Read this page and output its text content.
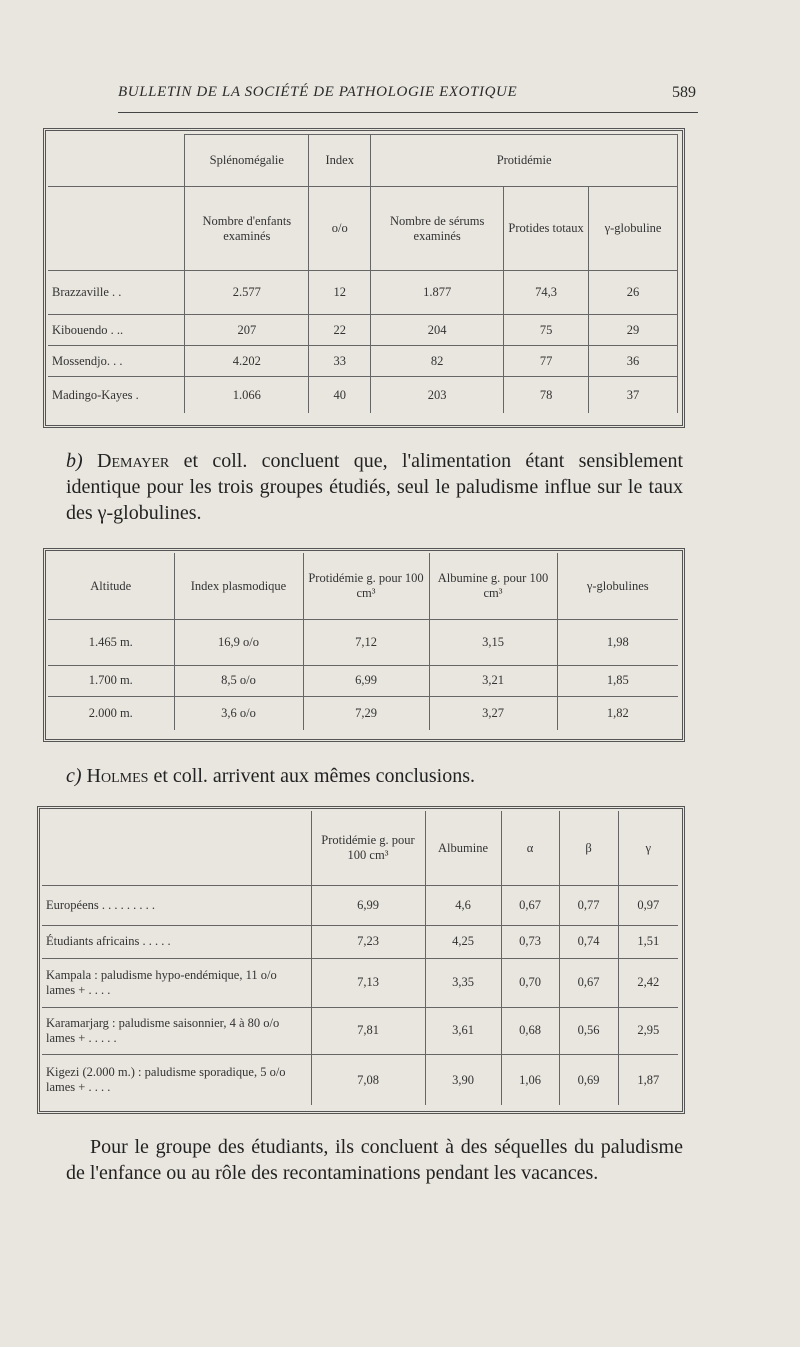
BULLETIN DE LA SOCIÉTÉ DE PATHOLOGIE EXOTIQUE	589
	Splénomégalie	Index	Protidémie		
	Nombre d'enfants examinés	o/o	Nombre de sérums examinés	Protides totaux	γ-globuline
Brazzaville . .	2.577	12	1.877	74,3	26
Kibouendo . ..	207	22	204	75	29
Mossendjo. . .	4.202	33	82	77	36
Madingo-Kayes .	1.066	40	203	78	37
b) Demayer et coll. concluent que, l'alimentation étant sensiblement identique pour les trois groupes étudiés, seul le paludisme influe sur le taux des γ-globulines.
Altitude	Index plasmodique	Protidémie g. pour 100 cm³	Albumine g. pour 100 cm³	γ-globulines
1.465 m.	16,9 o/o	7,12	3,15	1,98
1.700 m.	8,5 o/o	6,99	3,21	1,85
2.000 m.	3,6 o/o	7,29	3,27	1,82
c) Holmes et coll. arrivent aux mêmes conclusions.
	Protidémie g. pour 100 cm³	Albumine	α	β	γ
Européens . . . . . . . . .	6,99	4,6	0,67	0,77	0,97
Étudiants africains . . . . .	7,23	4,25	0,73	0,74	1,51
Kampala : paludisme hypo-endémique, 11 o/o lames + . . . .	7,13	3,35	0,70	0,67	2,42
Karamarjarg : paludisme saisonnier, 4 à 80 o/o lames + . . . . .	7,81	3,61	0,68	0,56	2,95
Kigezi (2.000 m.) : paludisme sporadique, 5 o/o lames + . . . .	7,08	3,90	1,06	0,69	1,87
Pour le groupe des étudiants, ils concluent à des séquelles du paludisme de l'enfance ou au rôle des recontaminations pendant les vacances.
